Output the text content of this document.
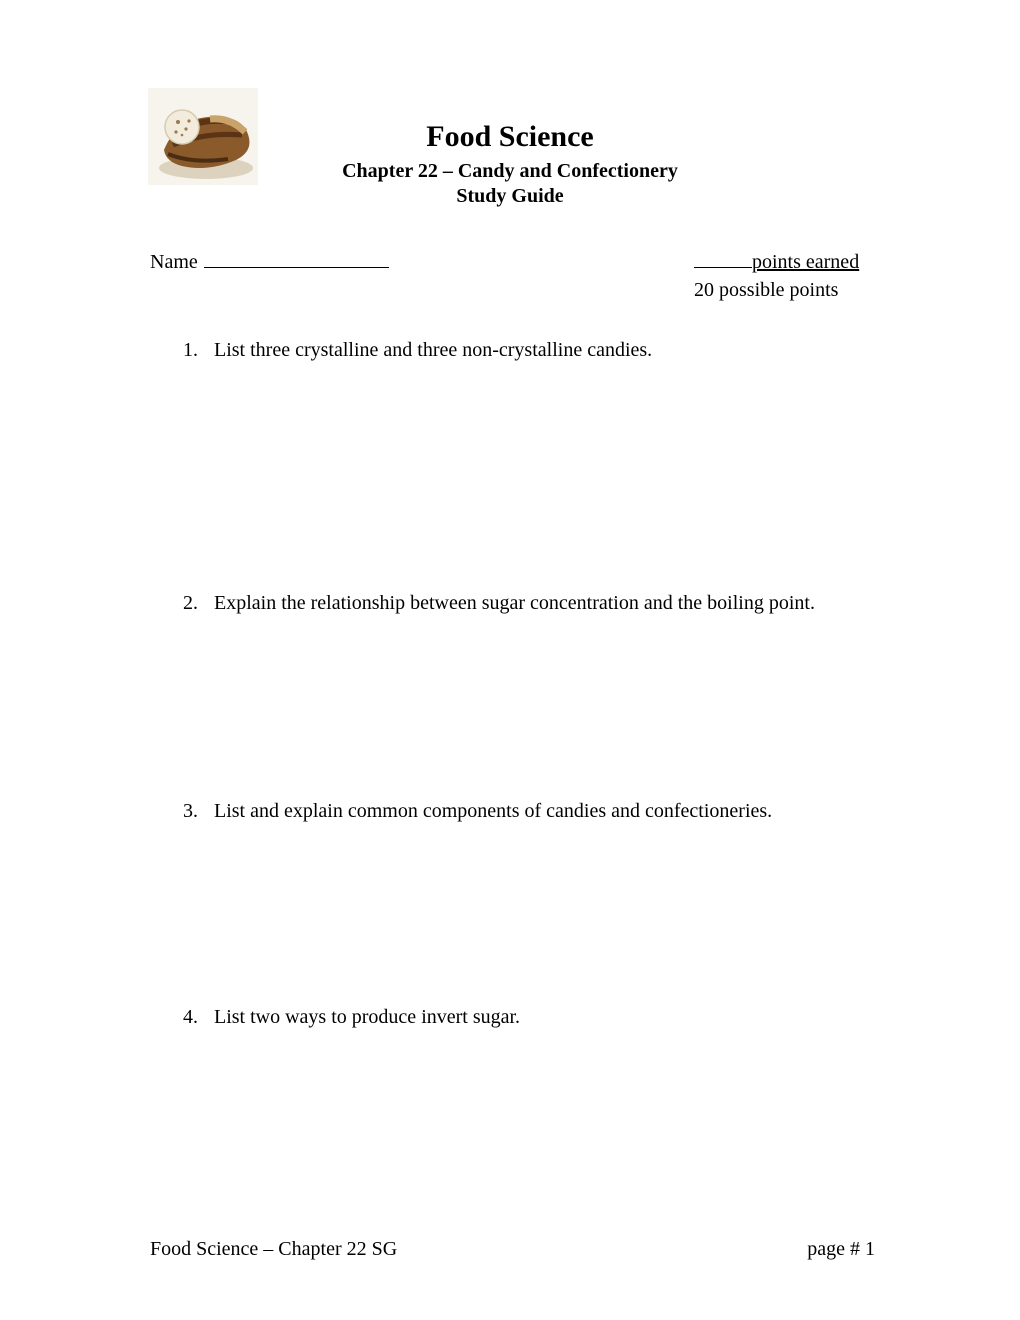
Food Science
Chapter 22 – Candy and Confectionery
Study Guide
Name	points earned
20 possible points
1. List three crystalline and three non-crystalline candies.
2. Explain the relationship between sugar concentration and the boiling point.
3. List and explain common components of candies and confectioneries.
4. List two ways to produce invert sugar.
Food Science – Chapter 22 SG	page # 1
